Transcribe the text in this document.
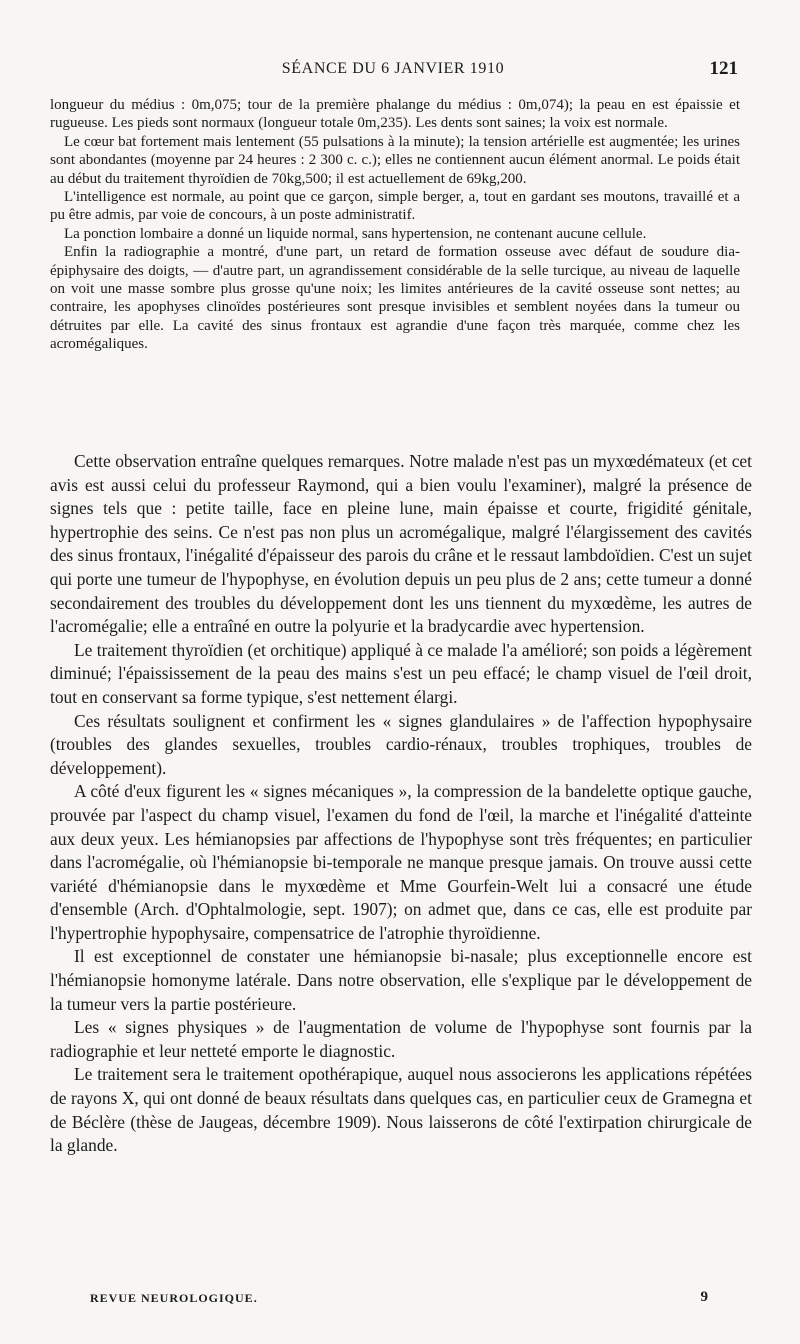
SÉANCE DU 6 JANVIER 1910	121

longueur du médius : 0m,075; tour de la première phalange du médius : 0m,074); la peau en est épaissie et rugueuse. Les pieds sont normaux (longueur totale 0m,235). Les dents sont saines; la voix est normale.

Le cœur bat fortement mais lentement (55 pulsations à la minute); la tension artérielle est augmentée; les urines sont abondantes (moyenne par 24 heures : 2 300 c. c.); elles ne contiennent aucun élément anormal. Le poids était au début du traitement thyroïdien de 70kg,500; il est actuellement de 69kg,200.

L'intelligence est normale, au point que ce garçon, simple berger, a, tout en gardant ses moutons, travaillé et a pu être admis, par voie de concours, à un poste administratif.

La ponction lombaire a donné un liquide normal, sans hypertension, ne contenant aucune cellule.

Enfin la radiographie a montré, d'une part, un retard de formation osseuse avec défaut de soudure dia-épiphysaire des doigts, — d'autre part, un agrandissement considérable de la selle turcique, au niveau de laquelle on voit une masse sombre plus grosse qu'une noix; les limites antérieures de la cavité osseuse sont nettes; au contraire, les apophyses clinoïdes postérieures sont presque invisibles et semblent noyées dans la tumeur ou détruites par elle. La cavité des sinus frontaux est agrandie d'une façon très marquée, comme chez les acromégaliques.

Cette observation entraîne quelques remarques. Notre malade n'est pas un myxœdémateux (et cet avis est aussi celui du professeur Raymond, qui a bien voulu l'examiner), malgré la présence de signes tels que : petite taille, face en pleine lune, main épaisse et courte, frigidité génitale, hypertrophie des seins. Ce n'est pas non plus un acromégalique, malgré l'élargissement des cavités des sinus frontaux, l'inégalité d'épaisseur des parois du crâne et le ressaut lambdoïdien. C'est un sujet qui porte une tumeur de l'hypophyse, en évolution depuis un peu plus de 2 ans; cette tumeur a donné secondairement des troubles du développement dont les uns tiennent du myxœdème, les autres de l'acromégalie; elle a entraîné en outre la polyurie et la bradycardie avec hypertension.

Le traitement thyroïdien (et orchitique) appliqué à ce malade l'a amélioré; son poids a légèrement diminué; l'épaississement de la peau des mains s'est un peu effacé; le champ visuel de l'œil droit, tout en conservant sa forme typique, s'est nettement élargi.

Ces résultats soulignent et confirment les « signes glandulaires » de l'affection hypophysaire (troubles des glandes sexuelles, troubles cardio-rénaux, troubles trophiques, troubles de développement).

A côté d'eux figurent les « signes mécaniques », la compression de la bandelette optique gauche, prouvée par l'aspect du champ visuel, l'examen du fond de l'œil, la marche et l'inégalité d'atteinte aux deux yeux. Les hémianopsies par affections de l'hypophyse sont très fréquentes; en particulier dans l'acromégalie, où l'hémianopsie bi-temporale ne manque presque jamais. On trouve aussi cette variété d'hémianopsie dans le myxœdème et Mme Gourfein-Welt lui a consacré une étude d'ensemble (Arch. d'Ophtalmologie, sept. 1907); on admet que, dans ce cas, elle est produite par l'hypertrophie hypophysaire, compensatrice de l'atrophie thyroïdienne.

Il est exceptionnel de constater une hémianopsie bi-nasale; plus exceptionnelle encore est l'hémianopsie homonyme latérale. Dans notre observation, elle s'explique par le développement de la tumeur vers la partie postérieure.

Les « signes physiques » de l'augmentation de volume de l'hypophyse sont fournis par la radiographie et leur netteté emporte le diagnostic.

Le traitement sera le traitement opothérapique, auquel nous associerons les applications répétées de rayons X, qui ont donné de beaux résultats dans quelques cas, en particulier ceux de Gramegna et de Béclère (thèse de Jaugeas, décembre 1909). Nous laisserons de côté l'extirpation chirurgicale de la glande.

REVUE NEUROLOGIQUE.	9
